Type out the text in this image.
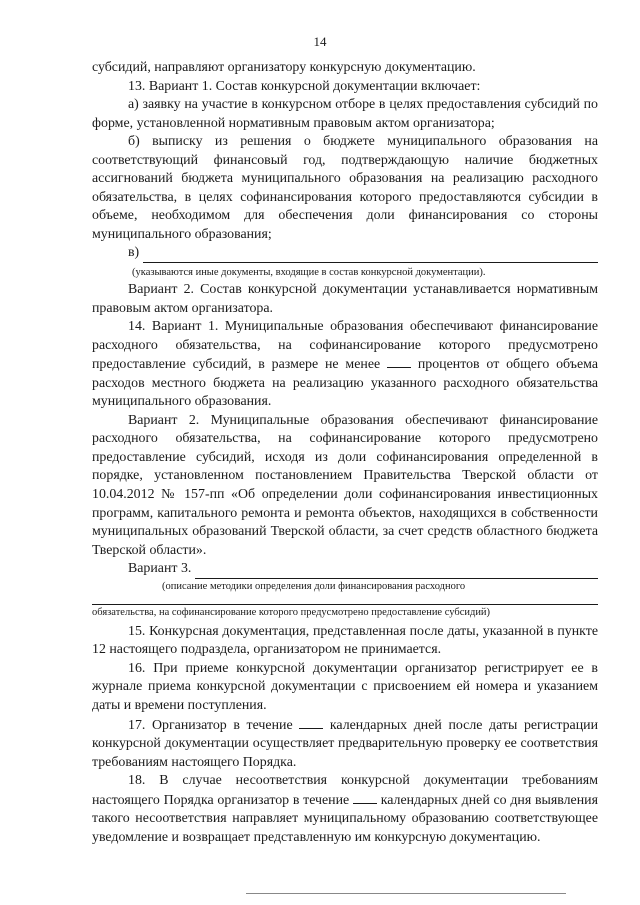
14

субсидий, направляют организатору конкурсную документацию.

13. Вариант 1. Состав конкурсной документации включает:

а) заявку на участие в конкурсном отборе в целях предоставления субсидий по форме, установленной нормативным правовым актом организатора;

б) выписку из решения о бюджете муниципального образования на соответствующий финансовый год, подтверждающую наличие бюджетных ассигнований бюджета муниципального образования на реализацию расходного обязательства, в целях софинансирования которого предоставляются субсидии в объеме, необходимом для обеспечения доли финансирования со стороны муниципального образования;

в)

(указываются иные документы, входящие в состав конкурсной документации).

Вариант 2. Состав конкурсной документации устанавливается нормативным правовым актом организатора.

14. Вариант 1. Муниципальные образования обеспечивают финансирование расходного обязательства, на софинансирование которого предусмотрено предоставление субсидий, в размере не менее	процентов от общего объема расходов местного бюджета на реализацию указанного расходного обязательства муниципального образования.

Вариант 2. Муниципальные образования обеспечивают финансирование расходного обязательства, на софинансирование которого предусмотрено предоставление субсидий, исходя из доли софинансирования определенной в порядке, установленном постановлением Правительства Тверской области от 10.04.2012 № 157-пп «Об определении доли софинансирования инвестиционных программ, капитального ремонта и ремонта объектов, находящихся в собственности муниципальных образований Тверской области, за счет средств областного бюджета Тверской области».

Вариант 3.

(описание методики определения доли финансирования расходного

обязательства, на софинансирование которого предусмотрено предоставление субсидий)

15. Конкурсная документация, представленная после даты, указанной в пункте 12 настоящего подраздела, организатором не принимается.

16. При приеме конкурсной документации организатор регистрирует ее в журнале приема конкурсной документации с присвоением ей номера и указанием даты и времени поступления.

17. Организатор в течение	календарных дней после даты регистрации конкурсной документации осуществляет предварительную проверку ее соответствия требованиям настоящего Порядка.

18. В случае несоответствия конкурсной документации требованиям настоящего Порядка организатор в течение календарных дней со дня выявления такого несоответствия направляет муниципальному образованию соответствующее уведомление и возвращает представленную им конкурсную документацию.
